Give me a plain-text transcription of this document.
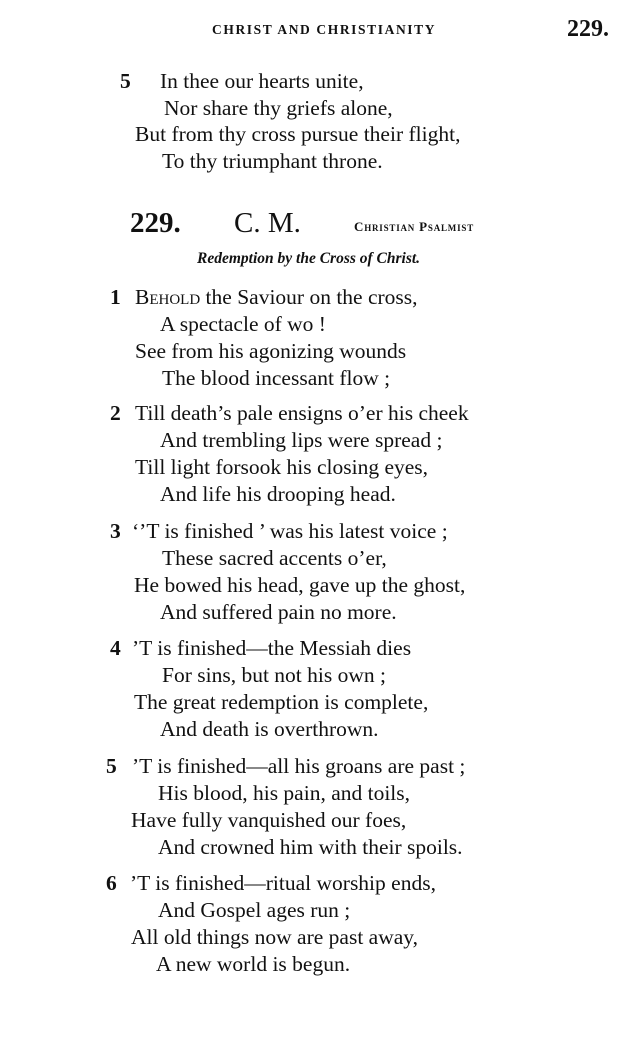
CHRIST AND CHRISTIANITY	229.
5 In thee our hearts unite,
Nor share thy griefs alone,
But from thy cross pursue their flight,
To thy triumphant throne.
229. C. M.	Christian Psalmist
Redemption by the Cross of Christ.
1 Behold the Saviour on the cross,
A spectacle of wo !
See from his agonizing wounds
The blood incessant flow ;
2 Till death’s pale ensigns o’er his cheek
And trembling lips were spread ;
Till light forsook his closing eyes,
And life his drooping head.
3 ‘’T is finished ’ was his latest voice ;
These sacred accents o’er,
He bowed his head, gave up the ghost,
And suffered pain no more.
4 ’T is finished—the Messiah dies
For sins, but not his own ;
The great redemption is complete,
And death is overthrown.
5 ’T is finished—all his groans are past ;
His blood, his pain, and toils,
Have fully vanquished our foes,
And crowned him with their spoils.
6 ’T is finished—ritual worship ends,
And Gospel ages run ;
All old things now are past away,
A new world is begun.
